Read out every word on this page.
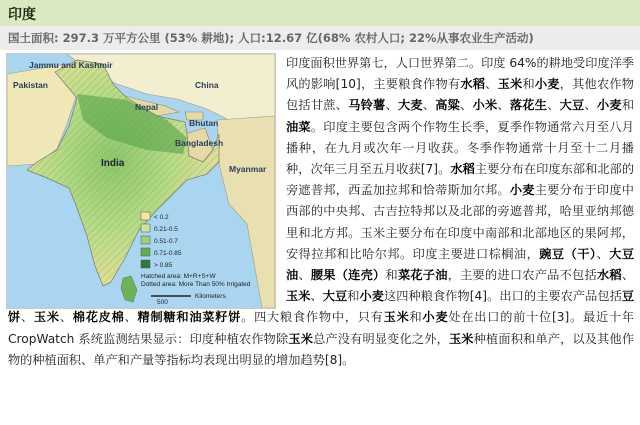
印度
国土面积: 297.3 万平方公里 (53% 耕地); 人口:12.67 亿(68% 农村人口; 22%从事农业生产活动)

印度面积世界第七，人口世界第二。印度 64%的耕地受印度洋季风的影响[10]，主要粮食作物有水稻、玉米和小麦，其他农作物包括甘蔗、马铃薯、大麦、高粱、小米、落花生、大豆、小麦和油菜。印度主要包含两个作物生长季，夏季作物通常六月至八月播种，在九月或次年一月收获。冬季作物通常十月至十二月播种，次年三月至五月收获[7]。水稻主要分布在印度东部和北部的旁遮普邦，西孟加拉邦和恰蒂斯加尔邦。小麦主要分布于印度中西部的中央邦、古吉拉特邦以及北部的旁遮普邦，哈里亚纳邦德里和北方邦。玉米主要分布在印度中南部和北部地区的果阿邦，安得拉邦和比哈尔邦。印度主要进口棕榈油，豌豆（干）、大豆油、腰果（连壳）和菜花子油，主要的进口农产品不包括水稻、玉米、大豆和小麦这四种粮食作物[4]。出口的主要农产品包括豆饼、玉米、棉花皮棉、精制糖和油菜籽饼。四大粮食作物中，只有玉米和小麦处在出口的前十位[3]。最近十年 CropWatch 系统监测结果显示：印度种植农作物除玉米总产没有明显变化之外，玉米种植面积和单产，以及其他作物的种植面积、单产和产量等指标均表现出明显的增加趋势[8]。

Jammu and Kashmir
Pakistan	China
Nepal
Bhutan
Bangladesh
Myanmar
India
< 0.2
0.21-0.5
0.51-0.7
0.71-0.85
> 0.85
Hatched area: M+R+S+W
Dotted area: More Than 50% Irrigated
500
Kilometers
